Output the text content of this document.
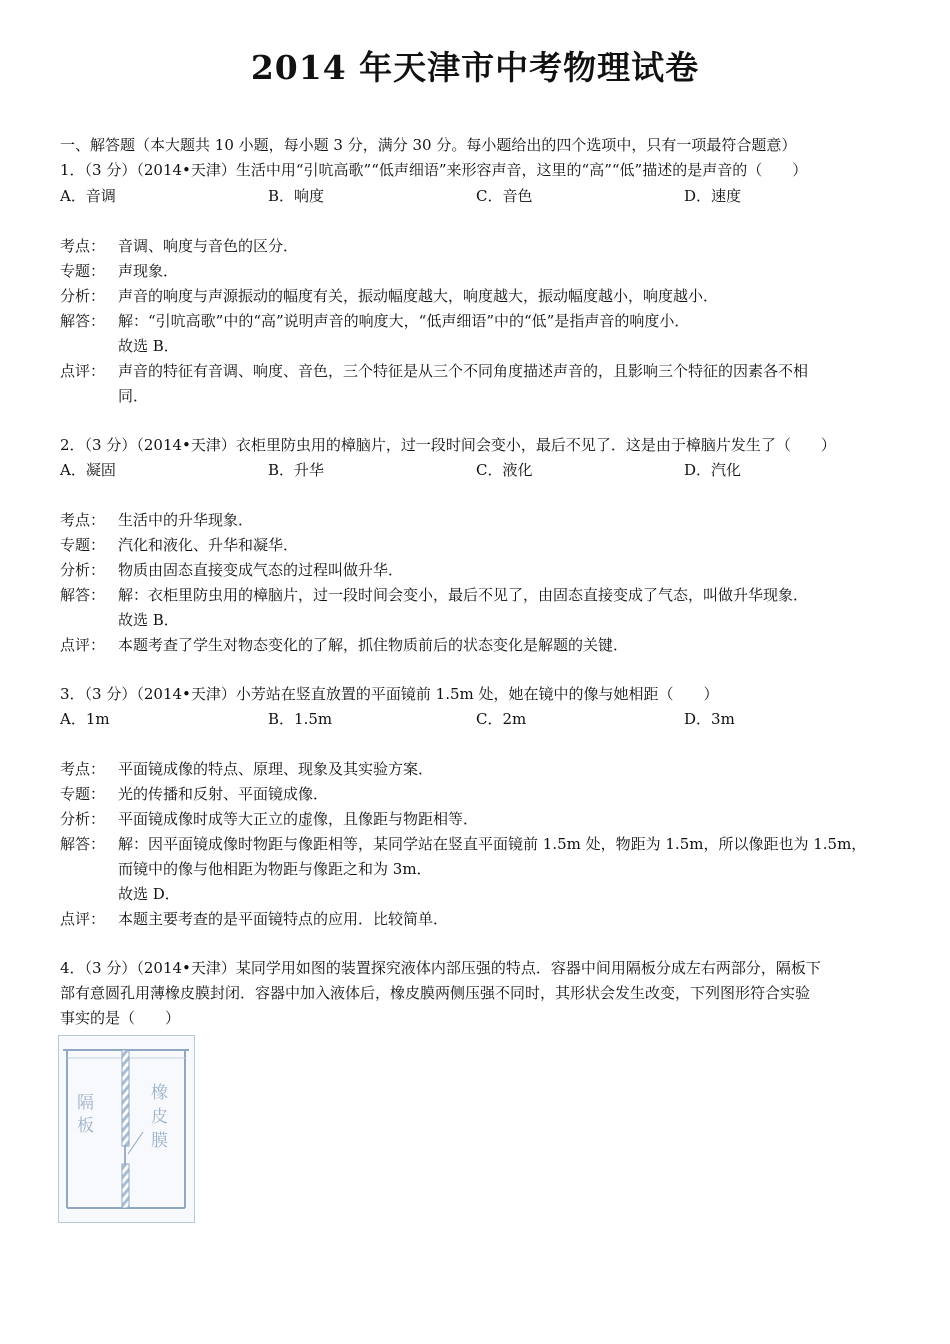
2014 年天津市中考物理试卷
一、解答题（本大题共 10 小题，每小题 3 分，满分 30 分。每小题给出的四个选项中，只有一项最符合题意）
1．（3 分）（2014•天津）生活中用“引吭高歌”“低声细语”来形容声音，这里的“高”“低”描述的是声音的（　　）
A．音调	B．响度	C．音色	D．速度
考点： 音调、响度与音色的区分．
专题： 声现象．
分析： 声音的响度与声源振动的幅度有关，振动幅度越大，响度越大，振动幅度越小，响度越小．
解答： 解：“引吭高歌”中的“高”说明声音的响度大，“低声细语”中的“低”是指声音的响度小．
故选 B．
点评： 声音的特征有音调、响度、音色，三个特征是从三个不同角度描述声音的，且影响三个特征的因素各不相
同．
2．（3 分）（2014•天津）衣柜里防虫用的樟脑片，过一段时间会变小，最后不见了．这是由于樟脑片发生了（　　）
A．凝固	B．升华	C．液化	D．汽化
考点： 生活中的升华现象．
专题： 汽化和液化、升华和凝华．
分析： 物质由固态直接变成气态的过程叫做升华．
解答： 解：衣柜里防虫用的樟脑片，过一段时间会变小，最后不见了，由固态直接变成了气态，叫做升华现象．
故选 B．
点评： 本题考查了学生对物态变化的了解，抓住物质前后的状态变化是解题的关键．
3．（3 分）（2014•天津）小芳站在竖直放置的平面镜前 1.5m 处，她在镜中的像与她相距（　　）
A．1m	B．1.5m	C．2m	D．3m
考点： 平面镜成像的特点、原理、现象及其实验方案．
专题： 光的传播和反射、平面镜成像．
分析： 平面镜成像时成等大正立的虚像，且像距与物距相等．
解答： 解：因平面镜成像时物距与像距相等，某同学站在竖直平面镜前 1.5m 处，物距为 1.5m，所以像距也为 1.5m，
而镜中的像与他相距为物距与像距之和为 3m．
故选 D．
点评： 本题主要考查的是平面镜特点的应用．比较简单．
4．（3 分）（2014•天津）某同学用如图的装置探究液体内部压强的特点．容器中间用隔板分成左右两部分，隔板下
部有意圆孔用薄橡皮膜封闭．容器中加入液体后，橡皮膜两侧压强不同时，其形状会发生改变，下列图形符合实验
事实的是（　　）
隔
板
橡
皮
膜
